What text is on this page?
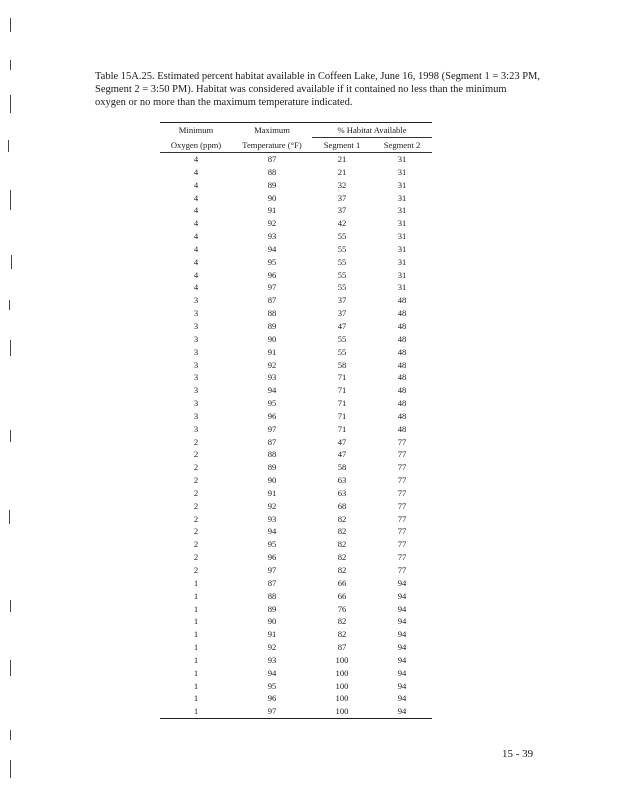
Table 15A.25. Estimated percent habitat available in Coffeen Lake, June 16, 1998 (Segment 1 = 3:23 PM, Segment 2 = 3:50 PM). Habitat was considered available if it contained no less than the minimum oxygen or no more than the maximum temperature indicated.

Minimum	Maximum	% Habitat Available	
Oxygen (ppm)	Temperature (°F)	Segment 1	Segment 2
4	87	21	31
4	88	21	31
4	89	32	31
4	90	37	31
4	91	37	31
4	92	42	31
4	93	55	31
4	94	55	31
4	95	55	31
4	96	55	31
4	97	55	31
3	87	37	48
3	88	37	48
3	89	47	48
3	90	55	48
3	91	55	48
3	92	58	48
3	93	71	48
3	94	71	48
3	95	71	48
3	96	71	48
3	97	71	48
2	87	47	77
2	88	47	77
2	89	58	77
2	90	63	77
2	91	63	77
2	92	68	77
2	93	82	77
2	94	82	77
2	95	82	77
2	96	82	77
2	97	82	77
1	87	66	94
1	88	66	94
1	89	76	94
1	90	82	94
1	91	82	94
1	92	87	94
1	93	100	94
1	94	100	94
1	95	100	94
1	96	100	94
1	97	100	94
15 - 39
